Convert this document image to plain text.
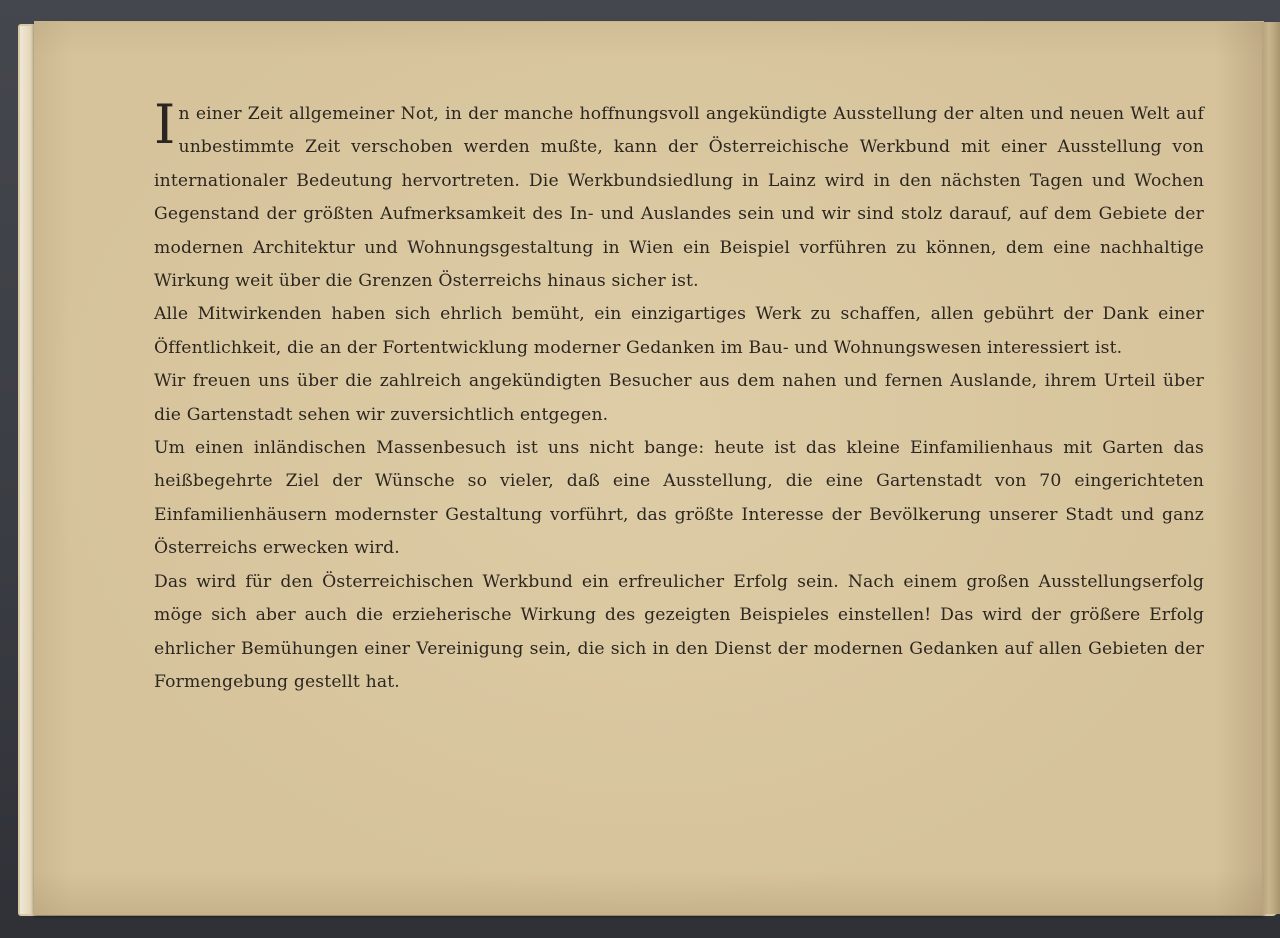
In einer Zeit allgemeiner Not, in der manche hoffnungsvoll angekündigte Ausstellung der alten und neuen Welt auf unbestimmte Zeit verschoben werden mußte, kann der Österreichische Werkbund mit einer Ausstellung von internationaler Bedeutung hervortreten. Die Werkbundsiedlung in Lainz wird in den nächsten Tagen und Wochen Gegenstand der größten Aufmerksamkeit des In- und Auslandes sein und wir sind stolz darauf, auf dem Gebiete der modernen Architektur und Wohnungsgestaltung in Wien ein Beispiel vorführen zu können, dem eine nachhaltige Wirkung weit über die Grenzen Österreichs hinaus sicher ist.

Alle Mitwirkenden haben sich ehrlich bemüht, ein einzigartiges Werk zu schaffen, allen gebührt der Dank einer Öffentlichkeit, die an der Fortentwicklung moderner Gedanken im Bau- und Wohnungswesen interessiert ist.

Wir freuen uns über die zahlreich angekündigten Besucher aus dem nahen und fernen Auslande, ihrem Urteil über die Gartenstadt sehen wir zuversichtlich entgegen.

Um einen inländischen Massenbesuch ist uns nicht bange: heute ist das kleine Einfamilienhaus mit Garten das heißbegehrte Ziel der Wünsche so vieler, daß eine Ausstellung, die eine Gartenstadt von 70 eingerichteten Einfamilienhäusern modernster Gestaltung vorführt, das größte Interesse der Bevölkerung unserer Stadt und ganz Österreichs erwecken wird.

Das wird für den Österreichischen Werkbund ein erfreulicher Erfolg sein. Nach einem großen Ausstellungserfolg möge sich aber auch die erzieherische Wirkung des gezeigten Beispieles einstellen! Das wird der größere Erfolg ehrlicher Bemühungen einer Vereinigung sein, die sich in den Dienst der modernen Gedanken auf allen Gebieten der Formengebung gestellt hat.
